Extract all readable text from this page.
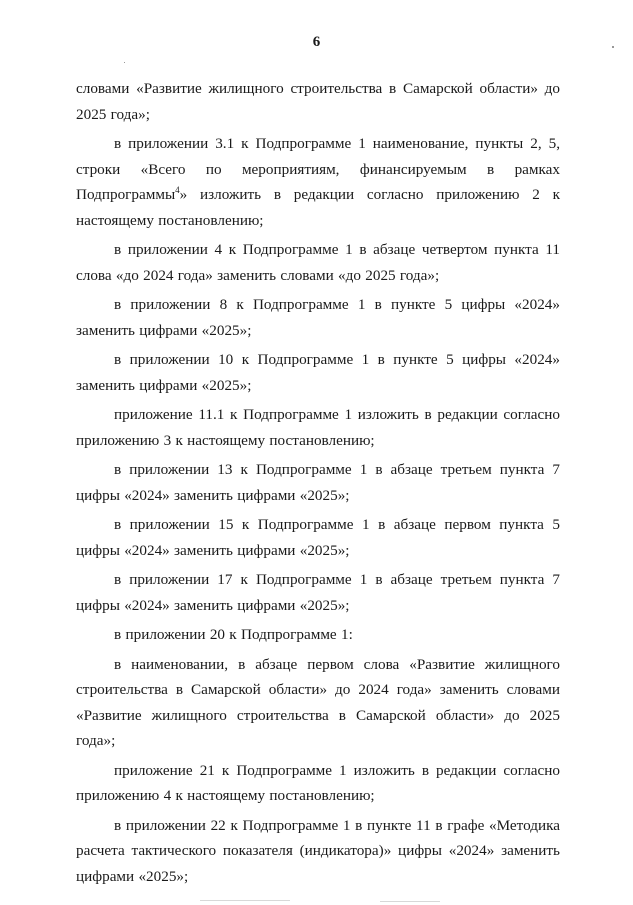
6

словами «Развитие жилищного строительства в Самарской области» до 2025 года»;

в приложении 3.1 к Подпрограмме 1 наименование, пункты 2, 5, строки «Всего по мероприятиям, финансируемым в рамках Подпрограммы$^4$» изложить в редакции согласно приложению 2 к настоящему постановлению;

в приложении 4 к Подпрограмме 1 в абзаце четвертом пункта 11 слова «до 2024 года» заменить словами «до 2025 года»;

в приложении 8 к Подпрограмме 1 в пункте 5 цифры «2024» заменить цифрами «2025»;

в приложении 10 к Подпрограмме 1 в пункте 5 цифры «2024» заменить цифрами «2025»;

приложение 11.1 к Подпрограмме 1 изложить в редакции согласно приложению 3 к настоящему постановлению;

в приложении 13 к Подпрограмме 1 в абзаце третьем пункта 7 цифры «2024» заменить цифрами «2025»;

в приложении 15 к Подпрограмме 1 в абзаце первом пункта 5 цифры «2024» заменить цифрами «2025»;

в приложении 17 к Подпрограмме 1 в абзаце третьем пункта 7 цифры «2024» заменить цифрами «2025»;

в приложении 20 к Подпрограмме 1:

в наименовании, в абзаце первом слова «Развитие жилищного строительства в Самарской области» до 2024 года» заменить словами «Развитие жилищного строительства в Самарской области» до 2025 года»;

приложение 21 к Подпрограмме 1 изложить в редакции согласно приложению 4 к настоящему постановлению;

в приложении 22 к Подпрограмме 1 в пункте 11 в графе «Методика расчета тактического показателя (индикатора)» цифры «2024» заменить цифрами «2025»;
